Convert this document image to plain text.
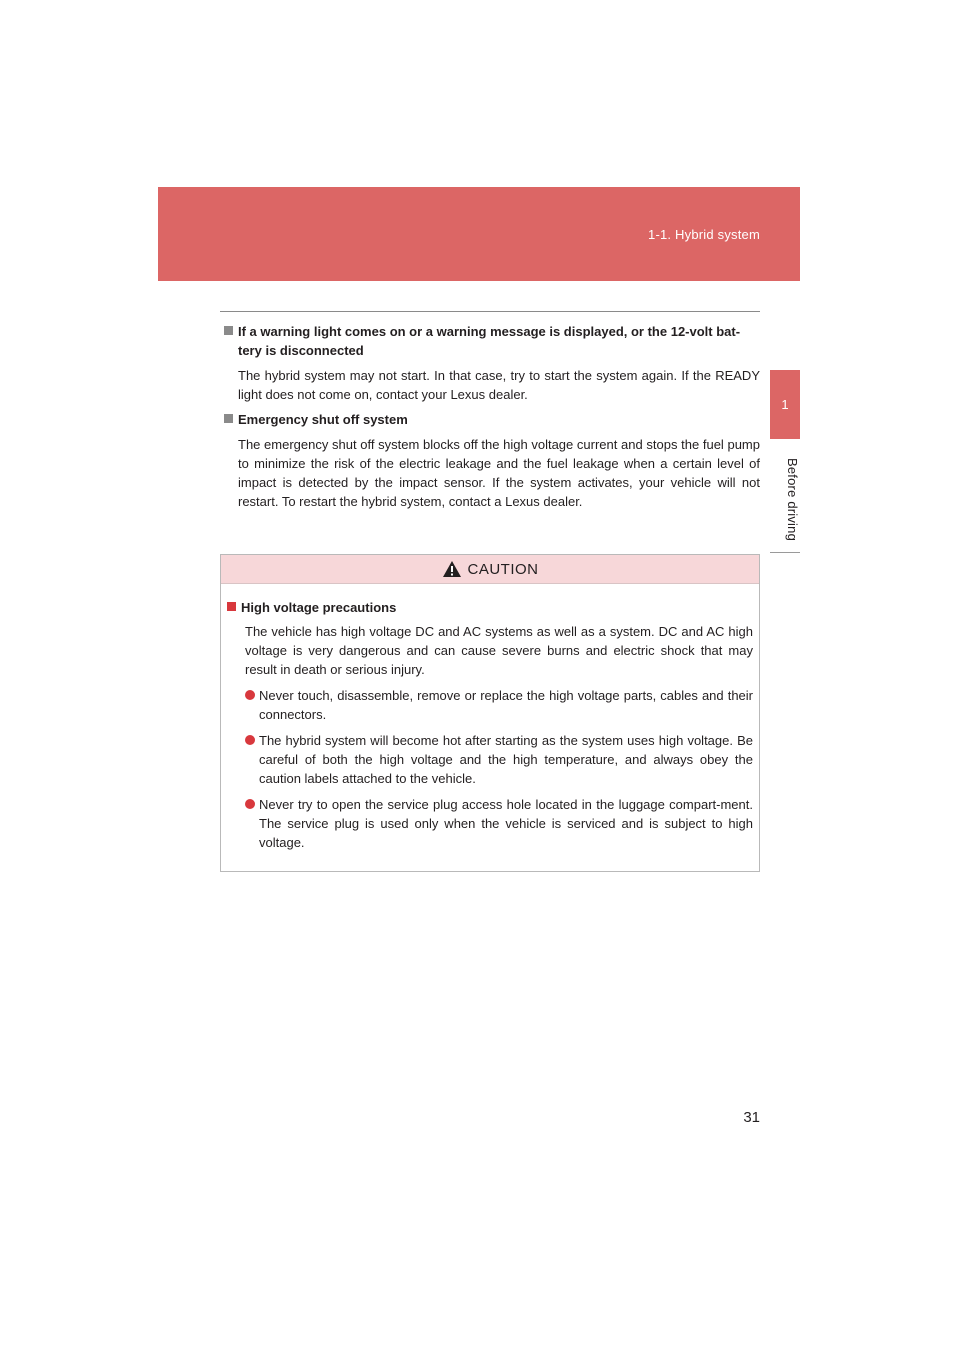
1-1. Hybrid system
1
Before driving
If a warning light comes on or a warning message is displayed, or the 12-volt bat-tery is disconnected
The hybrid system may not start. In that case, try to start the system again. If the READY light does not come on, contact your Lexus dealer.
Emergency shut off system
The emergency shut off system blocks off the high voltage current and stops the fuel pump to minimize the risk of the electric leakage and the fuel leakage when a certain level of impact is detected by the impact sensor. If the system activates, your vehicle will not restart. To restart the hybrid system, contact a Lexus dealer.
CAUTION
High voltage precautions
The vehicle has high voltage DC and AC systems as well as a system. DC and AC high voltage is very dangerous and can cause severe burns and electric shock that may result in death or serious injury.
Never touch, disassemble, remove or replace the high voltage parts, cables and their connectors.
The hybrid system will become hot after starting as the system uses high voltage. Be careful of both the high voltage and the high temperature, and always obey the caution labels attached to the vehicle.
Never try to open the service plug access hole located in the luggage compart-ment. The service plug is used only when the vehicle is serviced and is subject to high voltage.
31
